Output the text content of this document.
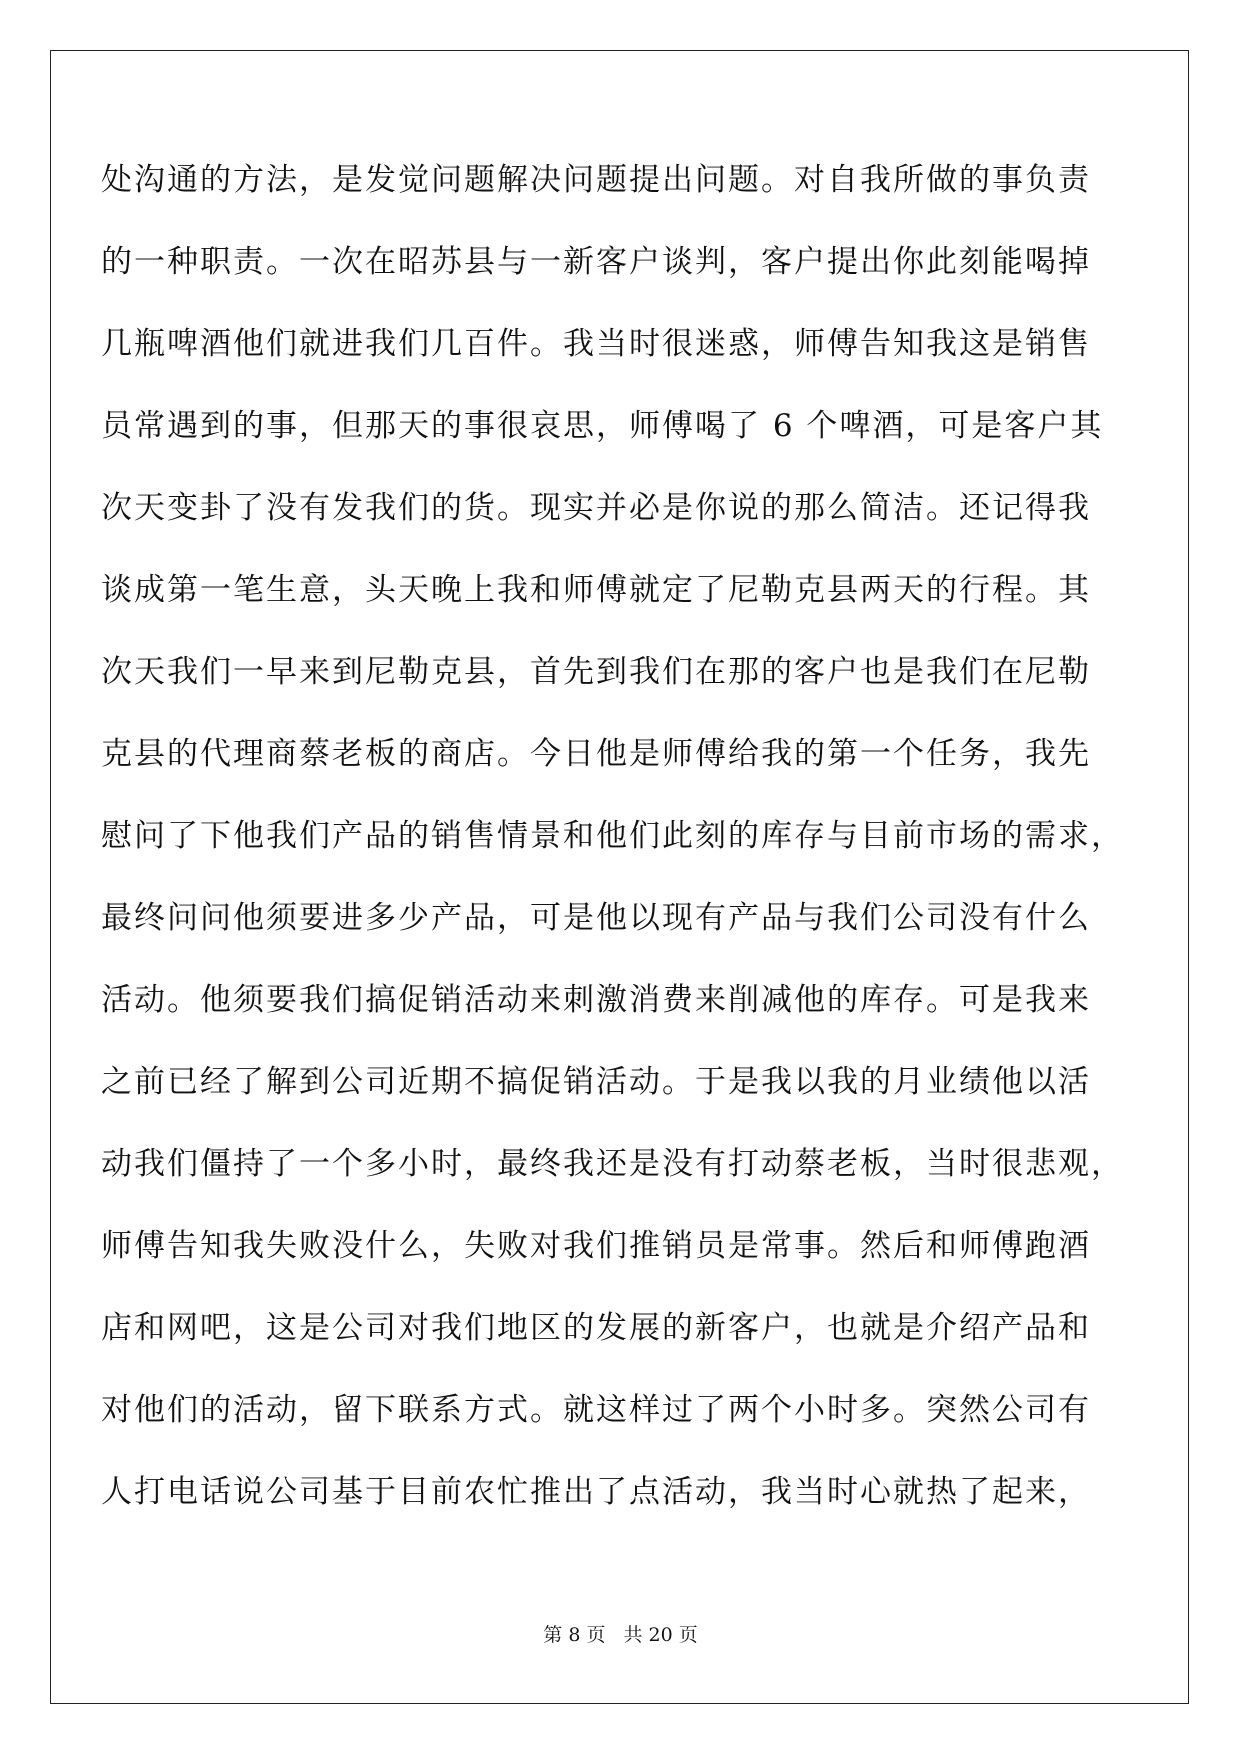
处沟通的方法，是发觉问题解决问题提出问题。对自我所做的事负责
的一种职责。一次在昭苏县与一新客户谈判，客户提出你此刻能喝掉
几瓶啤酒他们就进我们几百件。我当时很迷惑，师傅告知我这是销售
员常遇到的事，但那天的事很哀思，师傅喝了 6 个啤酒，可是客户其
次天变卦了没有发我们的货。现实并必是你说的那么简洁。还记得我
谈成第一笔生意，头天晚上我和师傅就定了尼勒克县两天的行程。其
次天我们一早来到尼勒克县，首先到我们在那的客户也是我们在尼勒
克县的代理商蔡老板的商店。今日他是师傅给我的第一个任务，我先
慰问了下他我们产品的销售情景和他们此刻的库存与目前市场的需求，
最终问问他须要进多少产品，可是他以现有产品与我们公司没有什么
活动。他须要我们搞促销活动来刺激消费来削减他的库存。可是我来
之前已经了解到公司近期不搞促销活动。于是我以我的月业绩他以活
动我们僵持了一个多小时，最终我还是没有打动蔡老板，当时很悲观，
师傅告知我失败没什么，失败对我们推销员是常事。然后和师傅跑酒
店和网吧，这是公司对我们地区的发展的新客户，也就是介绍产品和
对他们的活动，留下联系方式。就这样过了两个小时多。突然公司有
人打电话说公司基于目前农忙推出了点活动，我当时心就热了起来，
第 8 页 共 20 页
